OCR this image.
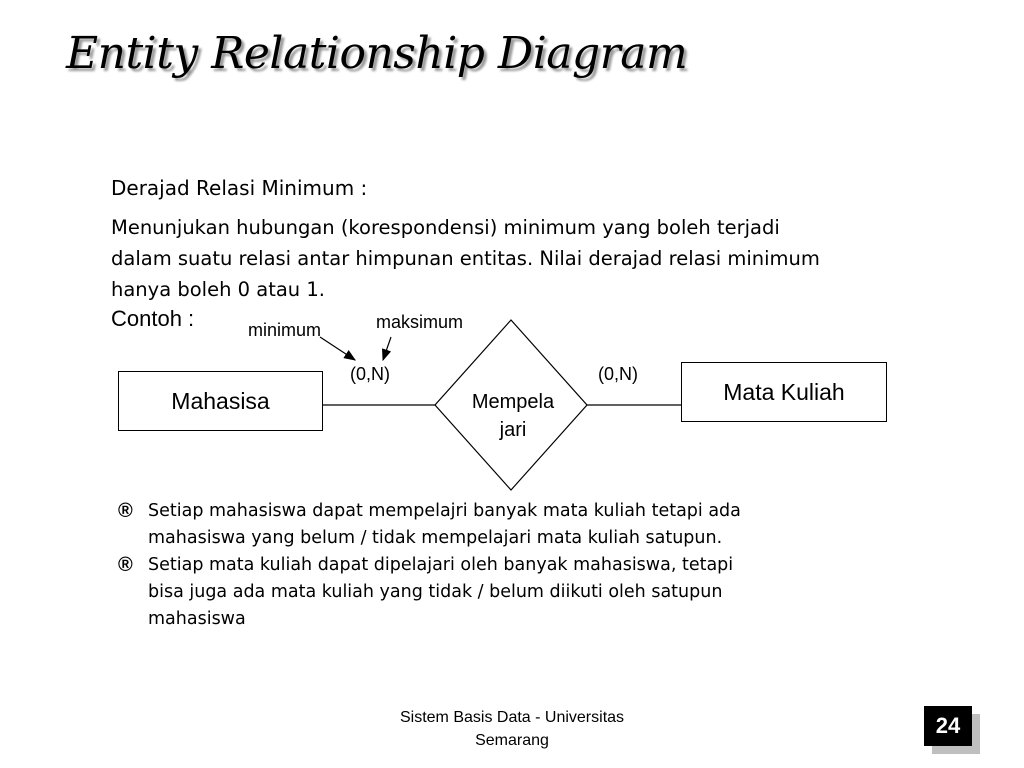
Entity Relationship Diagram
Derajad Relasi Minimum :
Menunjukan hubungan (korespondensi) minimum yang boleh terjadi
dalam suatu relasi antar himpunan entitas. Nilai derajad relasi minimum
hanya boleh 0 atau 1.
Contoh :	minimum	maksimum
(0,N)	(0,N)
Mahasisa	Mata Kuliah
Mempela
jari
® Setiap mahasiswa dapat mempelajri banyak mata kuliah tetapi ada
mahasiswa yang belum / tidak mempelajari mata kuliah satupun.
® Setiap mata kuliah dapat dipelajari oleh banyak mahasiswa, tetapi
bisa juga ada mata kuliah yang tidak / belum diikuti oleh satupun
mahasiswa
Sistem Basis Data - Universitas
Semarang
24
